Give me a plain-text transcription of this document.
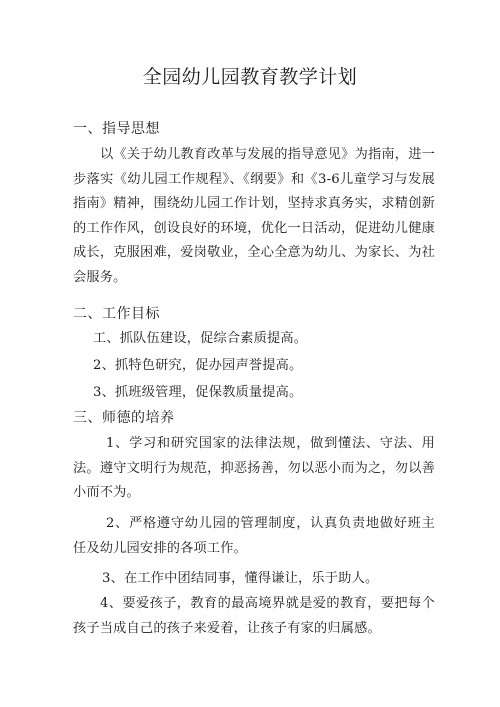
全园幼儿园教育教学计划
一、指导思想
以《关于幼儿教育改革与发展的指导意见》为指南，进一步落实《幼儿园工作规程》、《纲要》和《3-6儿童学习与发展指南》精神，围绕幼儿园工作计划，坚持求真务实，求精创新的工作作风，创设良好的环境，优化一日活动，促进幼儿健康成长，克服困难，爱岗敬业，全心全意为幼儿、为家长、为社会服务。
二、工作目标
工、抓队伍建设，促综合素质提高。
2、抓特色研究，促办园声誉提高。
3、抓班级管理，促保教质量提高。
三、师德的培养
1、学习和研究国家的法律法规，做到懂法、守法、用法。遵守文明行为规范，抑恶扬善，勿以恶小而为之，勿以善小而不为。
2、严格遵守幼儿园的管理制度，认真负责地做好班主任及幼儿园安排的各项工作。
3、在工作中团结同事，懂得谦让，乐于助人。
4、要爱孩子，教育的最高境界就是爱的教育，要把每个孩子当成自己的孩子来爱着，让孩子有家的归属感。
